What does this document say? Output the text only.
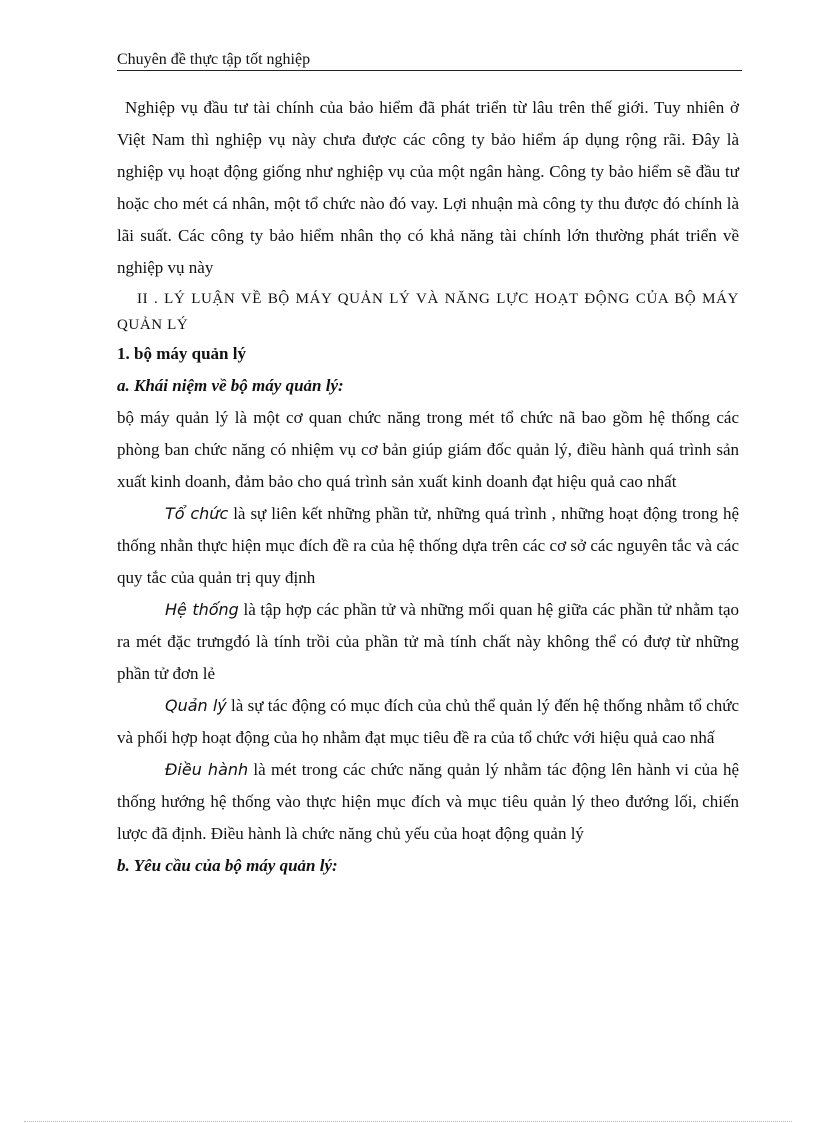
Chuyên đề thực tập tốt nghiệp

Nghiệp vụ đầu tư tài chính của bảo hiểm đã phát triển từ lâu trên thế giới. Tuy nhiên ở Việt Nam thì nghiệp vụ này chưa được các công ty bảo hiểm áp dụng rộng rãi. Đây là nghiệp vụ hoạt động giống như nghiệp vụ của một ngân hàng. Công ty bảo hiểm sẽ đầu tư hoặc cho mét cá nhân, một tổ chức nào đó vay. Lợi nhuận mà công ty thu được đó chính là lãi suất. Các công ty bảo hiểm nhân thọ có khả năng tài chính lớn thường phát triển về nghiệp vụ này

II . LÝ LUẬN VỀ BỘ MÁY QUẢN LÝ VÀ NĂNG LỰC HOẠT ĐỘNG CỦA BỘ MÁY QUẢN LÝ

1. bộ máy quản lý

a. Khái niệm về bộ máy quản lý:

bộ máy quản lý là một cơ quan chức năng trong mét tổ chức nã bao gồm hệ thống các phòng ban chức năng có nhiệm vụ cơ bản giúp giám đốc quản lý, điều hành quá trình sản xuất kinh doanh, đảm bảo cho quá trình sản xuất kinh doanh đạt hiệu quả cao nhất

Tổ chức là sự liên kết những phần tử, những quá trình , những hoạt động trong hệ thống nhằn thực hiện mục đích đề ra của hệ thống dựa trên các cơ sở các nguyên tắc và các quy tắc của quản trị quy định

Hệ thống là tập hợp các phần tử và những mối quan hệ giữa các phần tử nhằm tạo ra mét đặc trưngđó là tính trồi của phần tử mà tính chất này không thể có đượ từ những phần tử đơn lẻ

Quản lý là sự tác động có mục đích của chủ thể quản lý đến hệ thống nhằm tổ chức và phối hợp hoạt động của họ nhằm đạt mục tiêu đề ra của tổ chức với hiệu quả cao nhấ

Điều hành là mét trong các chức năng quản lý nhằm tác động lên hành vi của hệ thống hướng hệ thống vào thực hiện mục đích và mục tiêu quản lý theo đướng lối, chiến lược đã định. Điều hành là chức năng chủ yếu của hoạt động quản lý

b. Yêu cầu của bộ máy quản lý:
